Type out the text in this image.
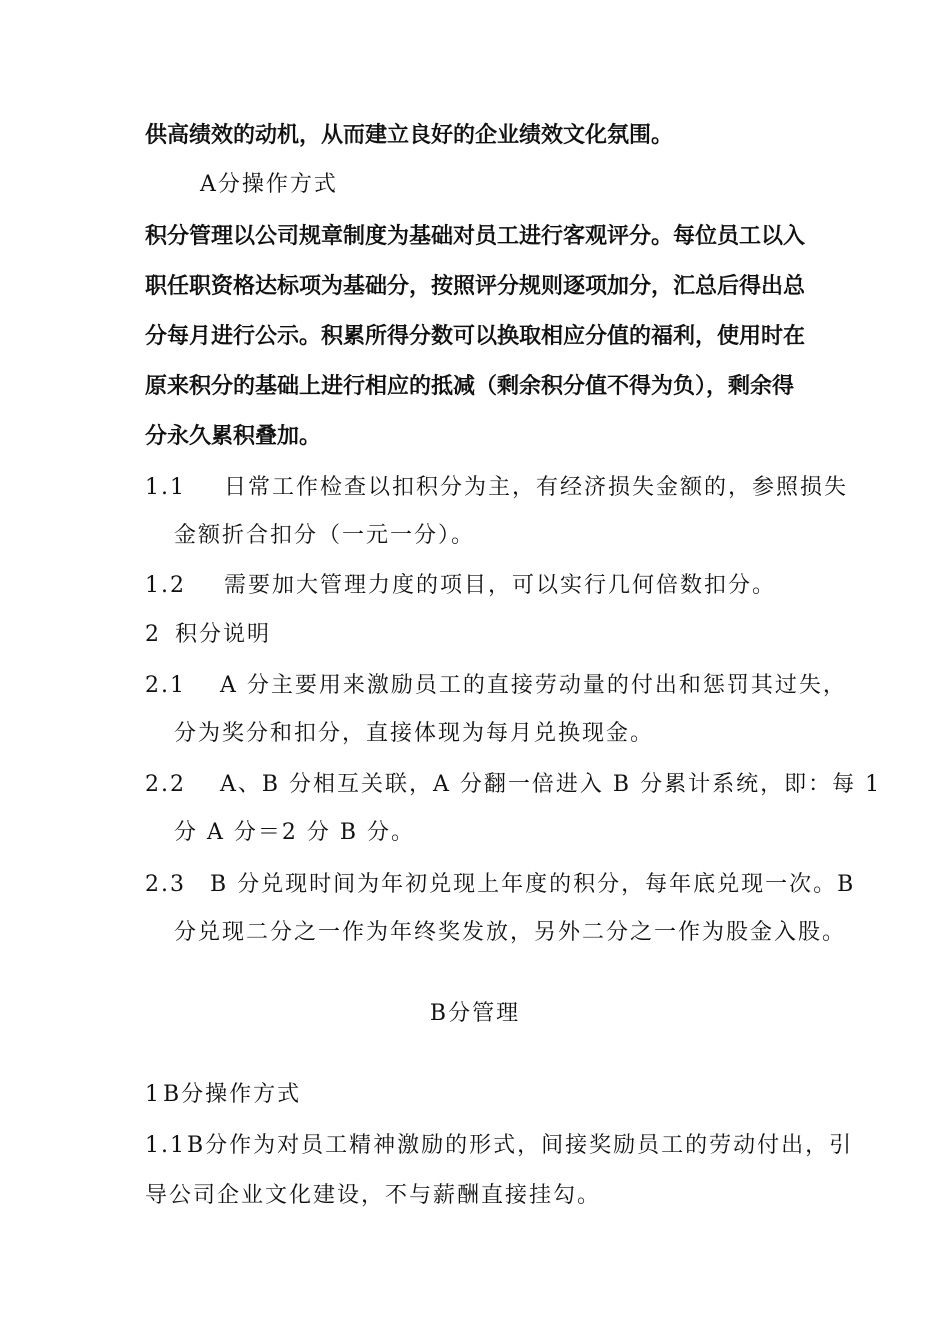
供高绩效的动机，从而建立良好的企业绩效文化氛围。
A分操作方式
积分管理以公司规章制度为基础对员工进行客观评分。每位员工以入
职任职资格达标项为基础分，按照评分规则逐项加分，汇总后得出总
分每月进行公示。积累所得分数可以换取相应分值的福利，使用时在
原来积分的基础上进行相应的抵减（剩余积分值不得为负），剩余得
分永久累积叠加。
1.1 日常工作检查以扣积分为主，有经济损失金额的，参照损失
金额折合扣分（一元一分）。
1.2 需要加大管理力度的项目，可以实行几何倍数扣分。
2 积分说明
2.1 A 分主要用来激励员工的直接劳动量的付出和惩罚其过失，
分为奖分和扣分，直接体现为每月兑换现金。
2.2 A、B 分相互关联，A 分翻一倍进入 B 分累计系统，即：每 1
分 A 分＝2 分 B 分。
2.3 B 分兑现时间为年初兑现上年度的积分，每年底兑现一次。B
分兑现二分之一作为年终奖发放，另外二分之一作为股金入股。
B分管理
1 B分操作方式
1.1 B分作为对员工精神激励的形式，间接奖励员工的劳动付出，引
导公司企业文化建设，不与薪酬直接挂勾。
